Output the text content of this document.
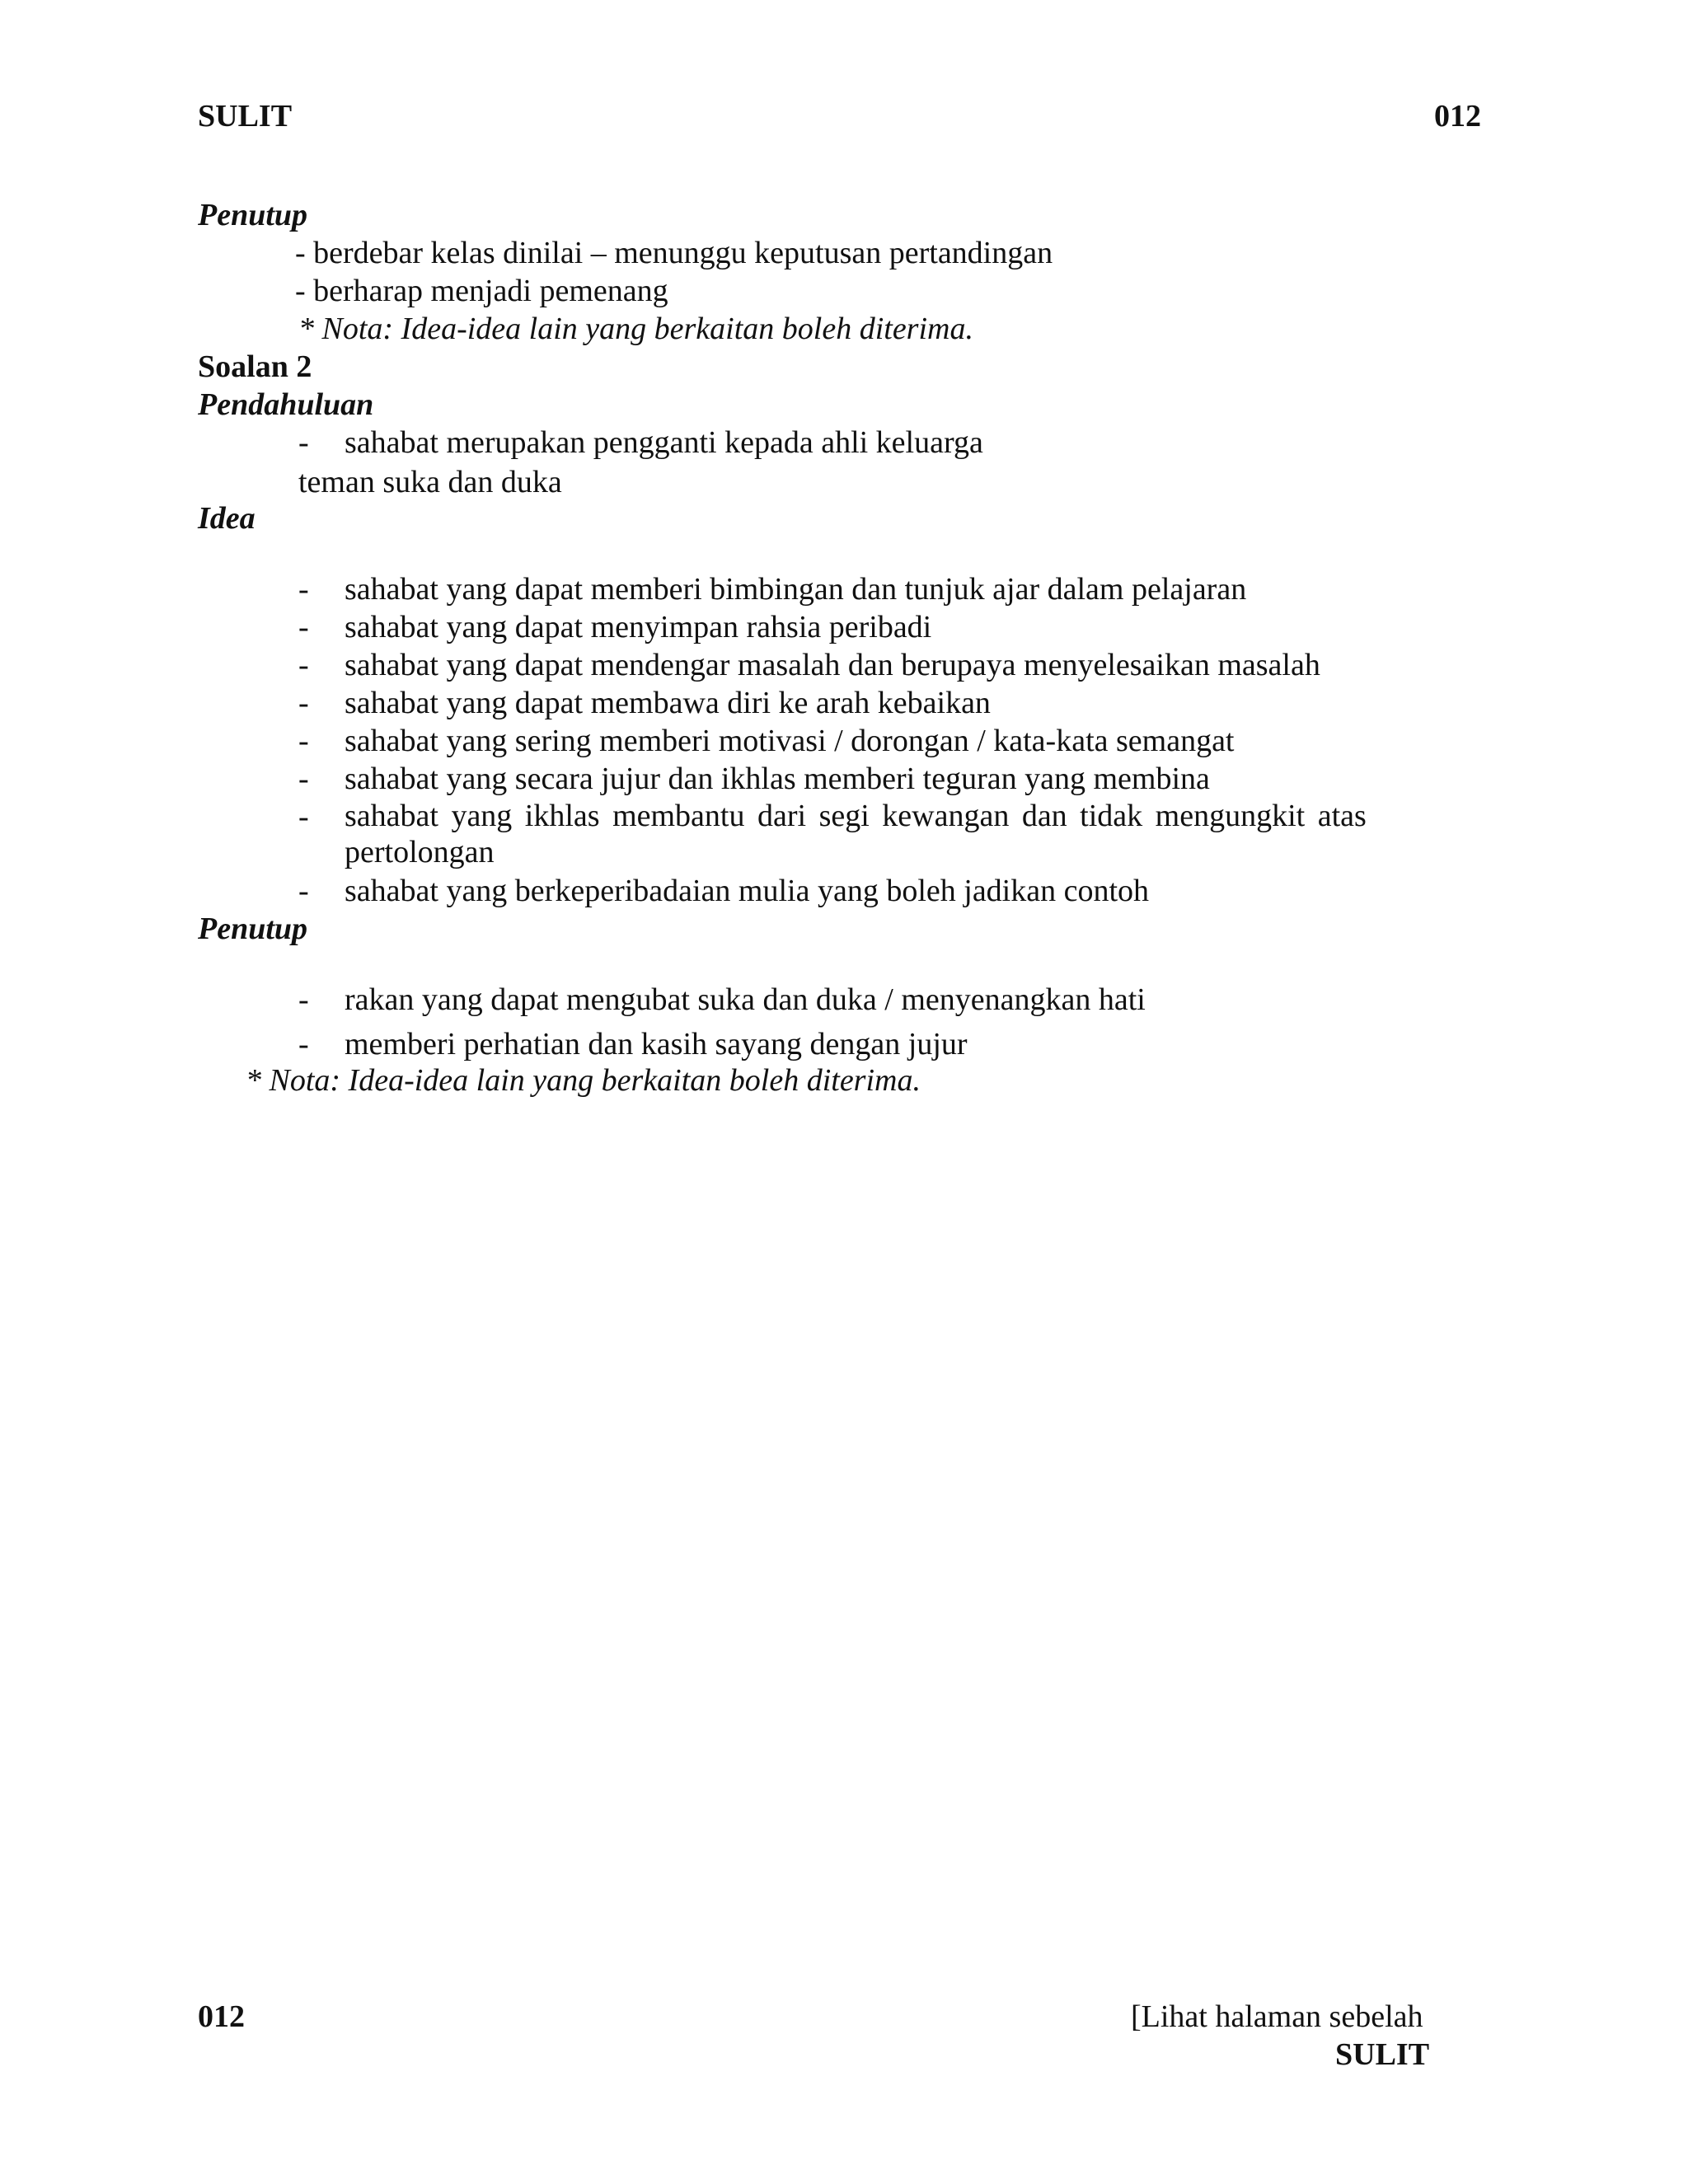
SULIT	012
Penutup
- berdebar kelas dinilai – menunggu keputusan pertandingan
- berharap menjadi pemenang
* Nota: Idea-idea lain yang berkaitan boleh diterima.
Soalan 2
Pendahuluan
- sahabat merupakan pengganti kepada ahli keluarga
teman suka dan duka
Idea
- sahabat yang dapat memberi bimbingan dan tunjuk ajar dalam pelajaran
- sahabat yang dapat menyimpan rahsia peribadi
- sahabat yang dapat mendengar masalah dan berupaya menyelesaikan masalah
- sahabat yang dapat membawa diri ke arah kebaikan
- sahabat yang sering memberi motivasi / dorongan / kata-kata semangat
- sahabat yang secara jujur dan ikhlas memberi teguran yang membina
- sahabat yang ikhlas membantu dari segi kewangan dan tidak mengungkit atas pertolongan
- sahabat yang berkeperibadaian mulia yang boleh jadikan contoh
Penutup
- rakan yang dapat mengubat suka dan duka / menyenangkan hati
- memberi perhatian dan kasih sayang dengan jujur
* Nota: Idea-idea lain yang berkaitan boleh diterima.
012	[Lihat halaman sebelah
SULIT
